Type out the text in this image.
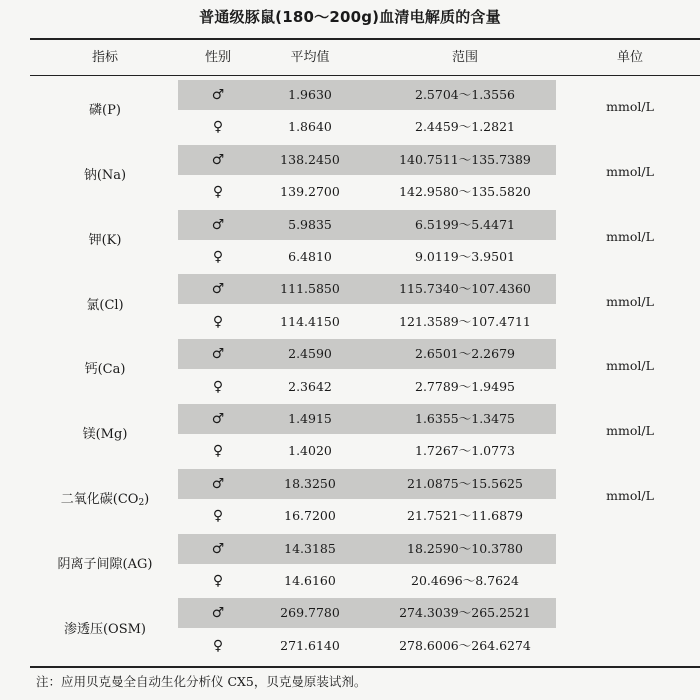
普通级豚鼠(180～200g)血清电解质的含量
指标	性别	平均值	范围	单位
磷(P)	mmol/L
♂	1.9630	2.5704～1.3556
♀	1.8640	2.4459～1.2821
钠(Na)	mmol/L
♂	138.2450	140.7511～135.7389
♀	139.2700	142.9580～135.5820
钾(K)	mmol/L
♂	5.9835	6.5199～5.4471
♀	6.4810	9.0119～3.9501
氯(Cl)	mmol/L
♂	111.5850	115.7340～107.4360
♀	114.4150	121.3589～107.4711
钙(Ca)	mmol/L
♂	2.4590	2.6501～2.2679
♀	2.3642	2.7789～1.9495
镁(Mg)	mmol/L
♂	1.4915	1.6355～1.3475
♀	1.4020	1.7267～1.0773
二氧化碳$(CO_2)$	mmol/L
♂	18.3250	21.0875～15.5625
♀	16.7200	21.7521～11.6879
阴离子间隙(AG)
♂	14.3185	18.2590～10.3780
♀	14.6160	20.4696～8.7624
渗透压(OSM)
♂	269.7780	274.3039～265.2521
♀	271.6140	278.6006～264.6274
注：应用贝克曼全自动生化分析仪 CX5，贝克曼原装试剂。
